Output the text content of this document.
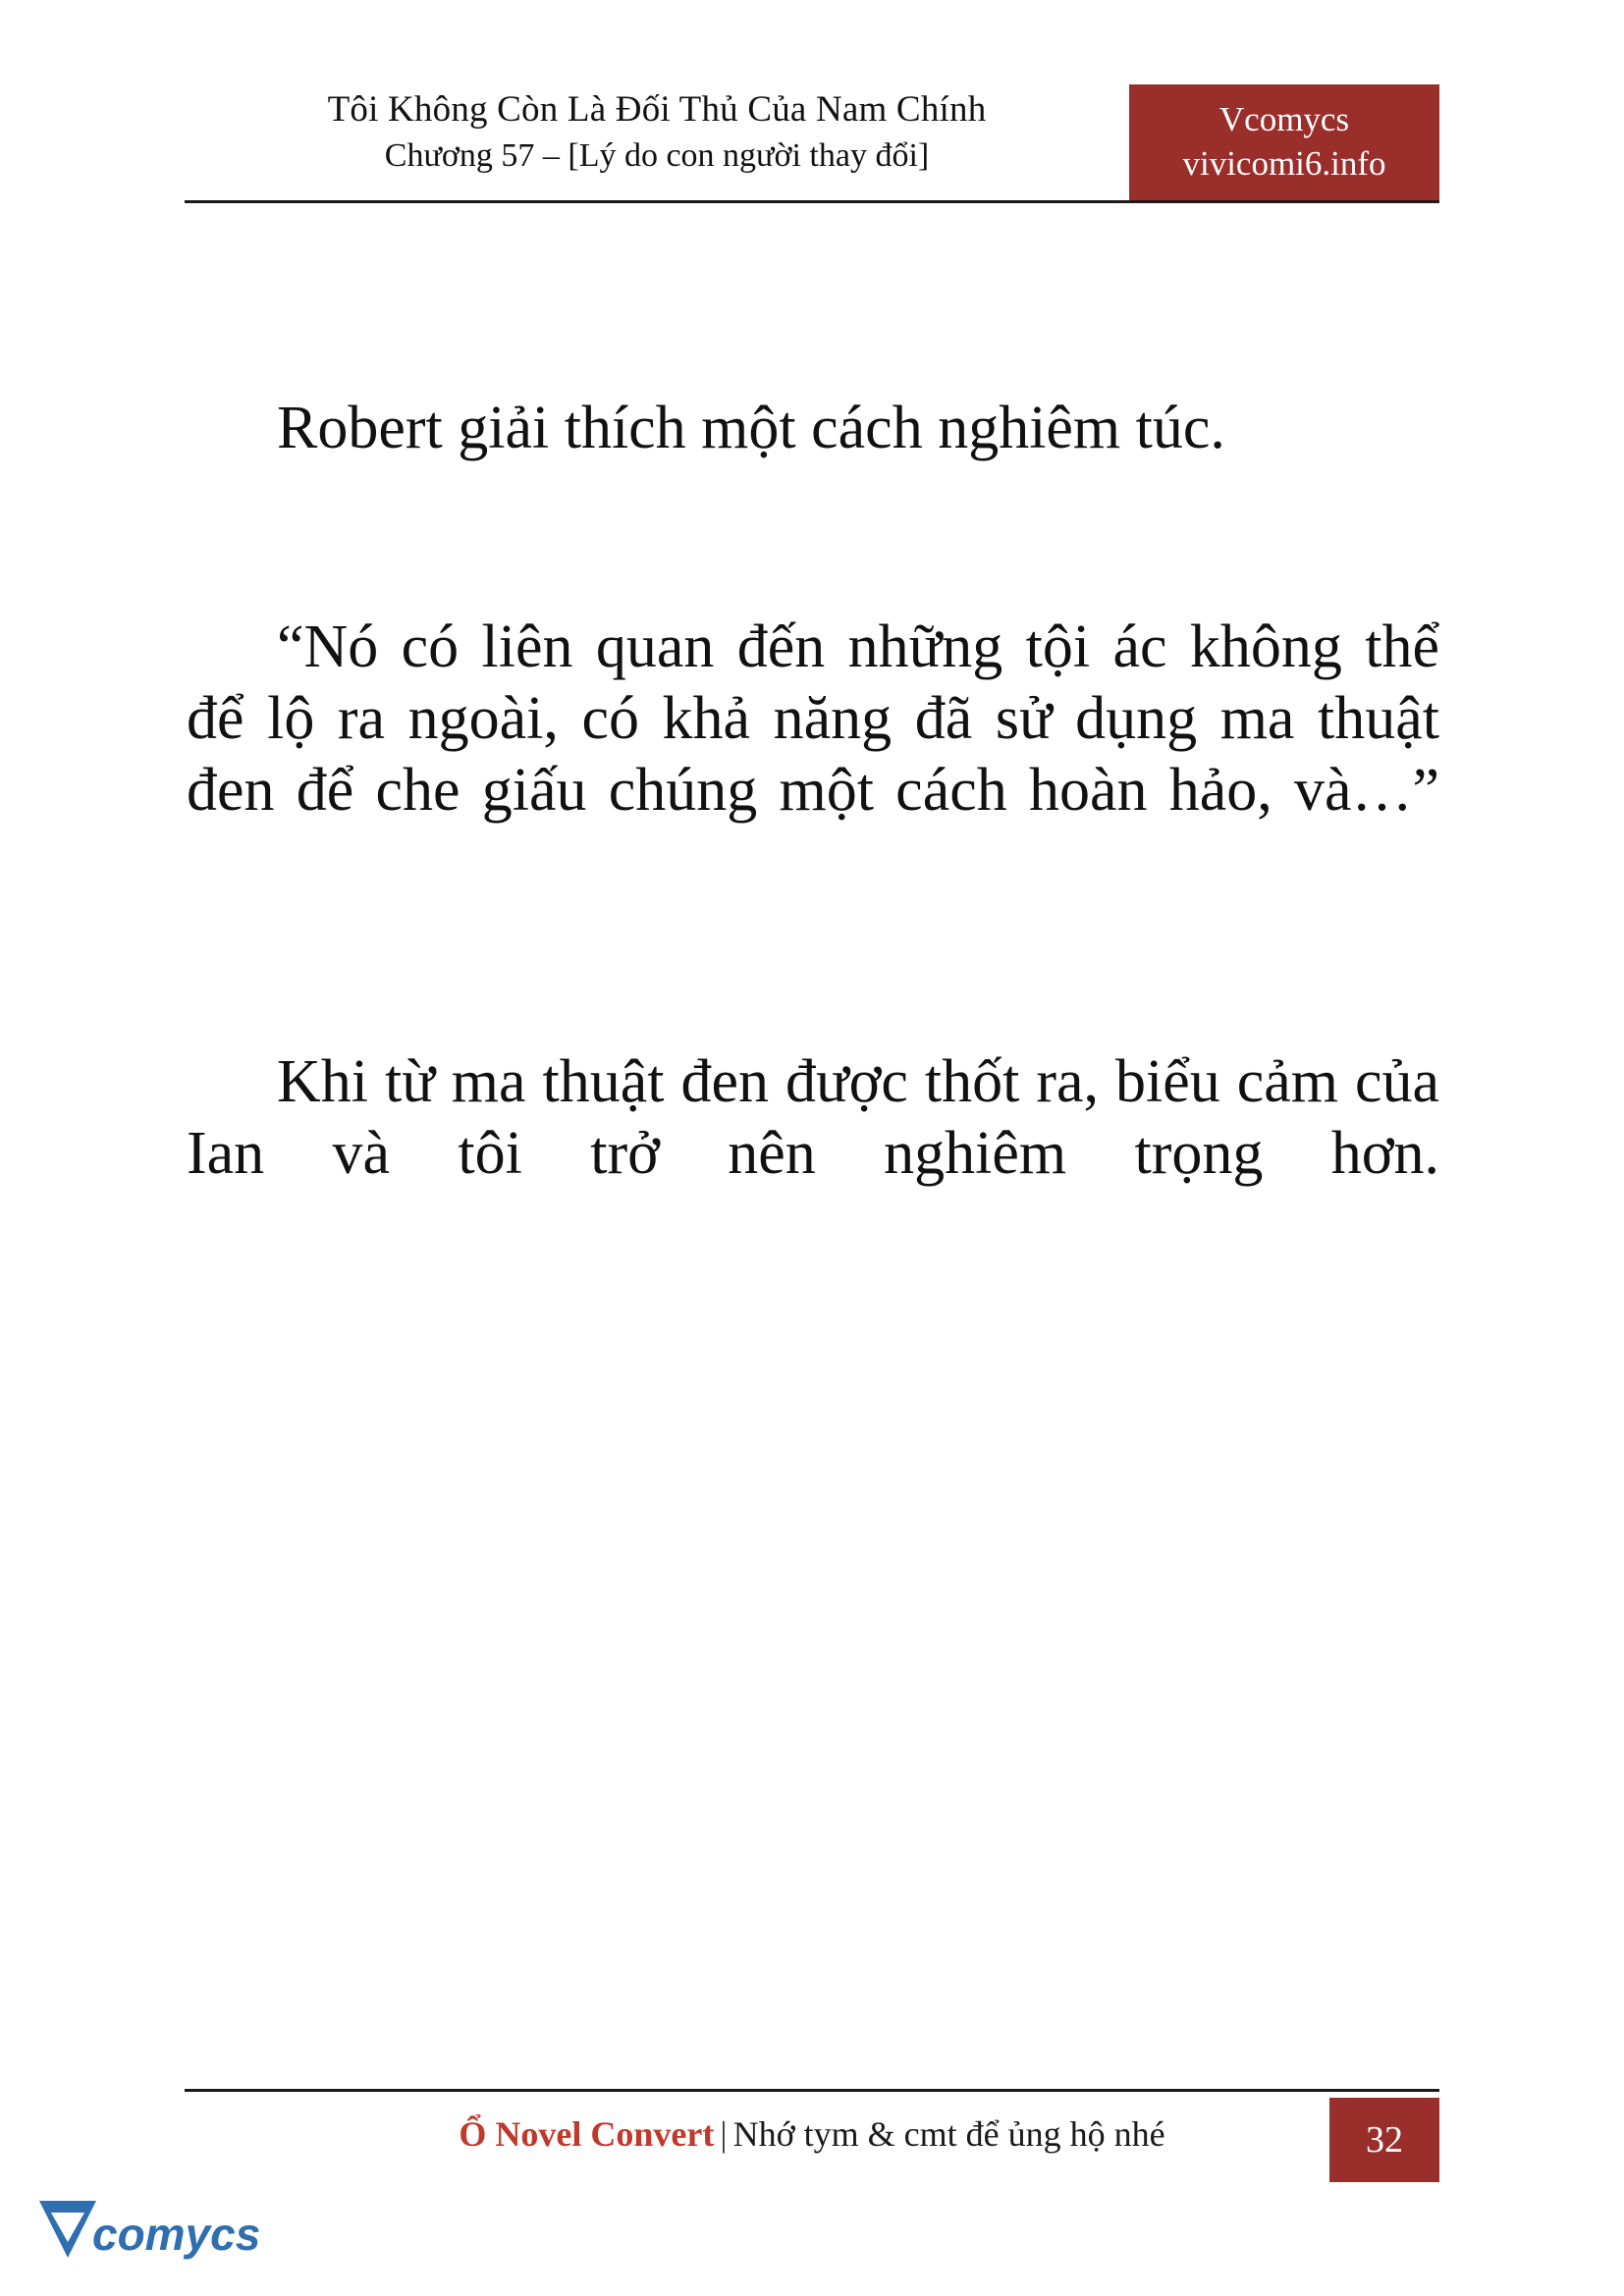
Tôi Không Còn Là Đối Thủ Của Nam Chính
Chương 57 – [Lý do con người thay đổi]
Vcomycs
vivicomi6.info

Robert giải thích một cách nghiêm túc.

“Nó có liên quan đến những tội ác không thể để lộ ra ngoài, có khả năng đã sử dụng ma thuật đen để che giấu chúng một cách hoàn hảo, và…”

Khi từ ma thuật đen được thốt ra, biểu cảm của Ian và tôi trở nên nghiêm trọng hơn.

Ổ Novel Convert | Nhớ tym & cmt để ủng hộ nhé	32
comycs
